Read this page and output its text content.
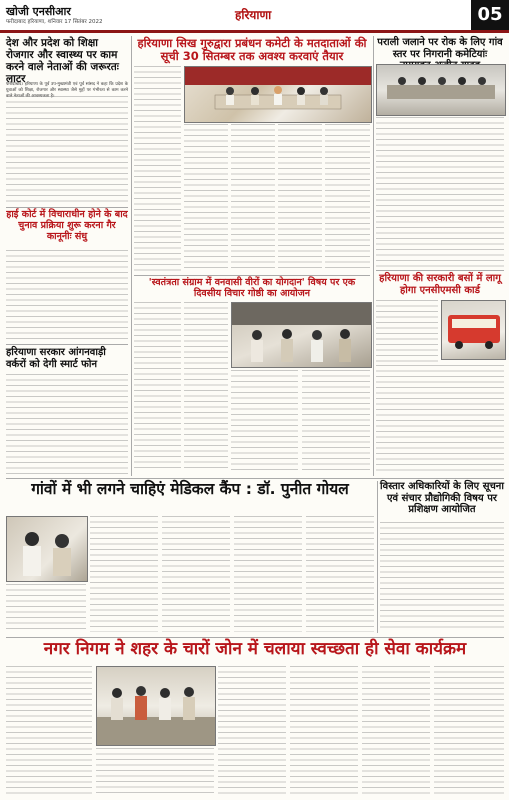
खोजी एनसीआर
फरीदाबाद हरियाणा, शनिवार 17 सितंबर 2022	हरियाणा	05
देश और प्रदेश को शिक्षा रोजगार और स्वास्थ्य पर काम करने वाले नेताओं की जरूरतः लाटर
फरीदाबाद। हरियाणा के पूर्व उप-मुख्यमंत्री एवं पूर्व सांसद ने कहा कि प्रदेश के युवाओं को शिक्षा, रोजगार और स्वास्थ्य जैसे मुद्दों पर गंभीरता से काम करने वाले नेताओं की आवश्यकता है।
हाई कोर्ट में विचाराधीन होने के बाद चुनाव प्रक्रिया शुरू करना गैर कानूनीः संधु
हरियाणा सरकार आंगनवाड़ी वर्करों को देगी स्मार्ट फोन
हरियाणा सिख गुरुद्वारा प्रबंधन कमेटी के मतदाताओं की सूची 30 सितम्बर तक अवश्य करवाएं तैयार
'स्वतंत्रता संग्राम में वनवासी वीरों का योगदान' विषय पर एक दिवसीय विचार गोष्ठी का आयोजन
पराली जलाने पर रोक के लिए गांव स्तर पर निगरानी कमेटियांः
हरियाणा की सरकारी बसों में लागू होगा एनसीएमसी कार्ड
गांवों में भी लगने चाहिएं मेडिकल कैंप : डॉ. पुनीत गोयल	विस्तार अधिकारियों के लिए सूचना एवं संचार प्रौद्योगिकी विषय पर प्रशिक्षण आयोजित
नगर निगम ने शहर के चारों जोन में चलाया स्वच्छता ही सेवा कार्यक्रम
